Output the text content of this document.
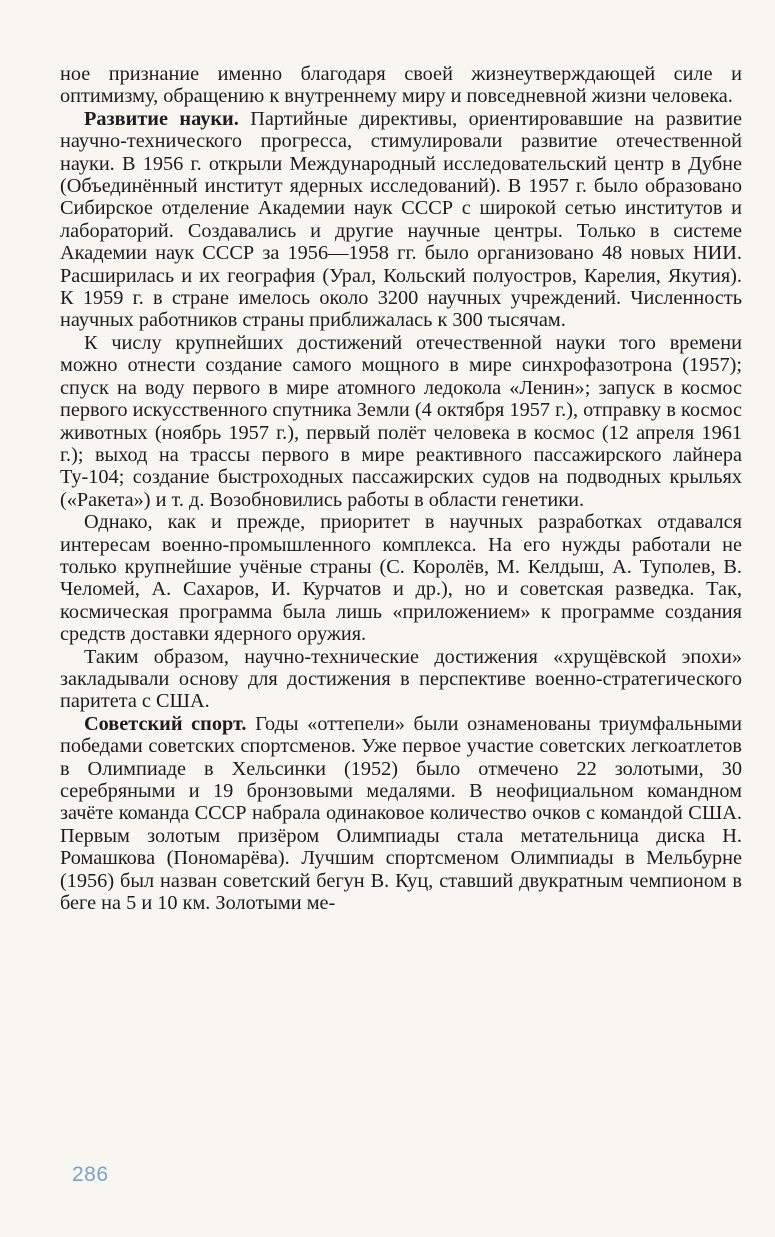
ное признание именно благодаря своей жизнеутверждающей силе и оптимизму, обращению к внутреннему миру и повседневной жизни человека.

Развитие науки. Партийные директивы, ориентировавшие на развитие научно-технического прогресса, стимулировали развитие отечественной науки. В 1956 г. открыли Международный исследовательский центр в Дубне (Объединённый институт ядерных исследований). В 1957 г. было образовано Сибирское отделение Академии наук СССР с широкой сетью институтов и лабораторий. Создавались и другие научные центры. Только в системе Академии наук СССР за 1956—1958 гг. было организовано 48 новых НИИ. Расширилась и их география (Урал, Кольский полуостров, Карелия, Якутия). К 1959 г. в стране имелось около 3200 научных учреждений. Численность научных работников страны приближалась к 300 тысячам.

К числу крупнейших достижений отечественной науки того времени можно отнести создание самого мощного в мире синхрофазотрона (1957); спуск на воду первого в мире атомного ледокола «Ленин»; запуск в космос первого искусственного спутника Земли (4 октября 1957 г.), отправку в космос животных (ноябрь 1957 г.), первый полёт человека в космос (12 апреля 1961 г.); выход на трассы первого в мире реактивного пассажирского лайнера Ту-104; создание быстроходных пассажирских судов на подводных крыльях («Ракета») и т. д. Возобновились работы в области генетики.

Однако, как и прежде, приоритет в научных разработках отдавался интересам военно-промышленного комплекса. На его нужды работали не только крупнейшие учёные страны (С. Королёв, М. Келдыш, А. Туполев, В. Челомей, А. Сахаров, И. Курчатов и др.), но и советская разведка. Так, космическая программа была лишь «приложением» к программе создания средств доставки ядерного оружия.

Таким образом, научно-технические достижения «хрущёвской эпохи» закладывали основу для достижения в перспективе военно-стратегического паритета с США.

Советский спорт. Годы «оттепели» были ознаменованы триумфальными победами советских спортсменов. Уже первое участие советских легкоатлетов в Олимпиаде в Хельсинки (1952) было отмечено 22 золотыми, 30 серебряными и 19 бронзовыми медалями. В неофициальном командном зачёте команда СССР набрала одинаковое количество очков с командой США. Первым золотым призёром Олимпиады стала метательница диска Н. Ромашкова (Пономарёва). Лучшим спортсменом Олимпиады в Мельбурне (1956) был назван советский бегун В. Куц, ставший двукратным чемпионом в беге на 5 и 10 км. Золотыми ме-

286
